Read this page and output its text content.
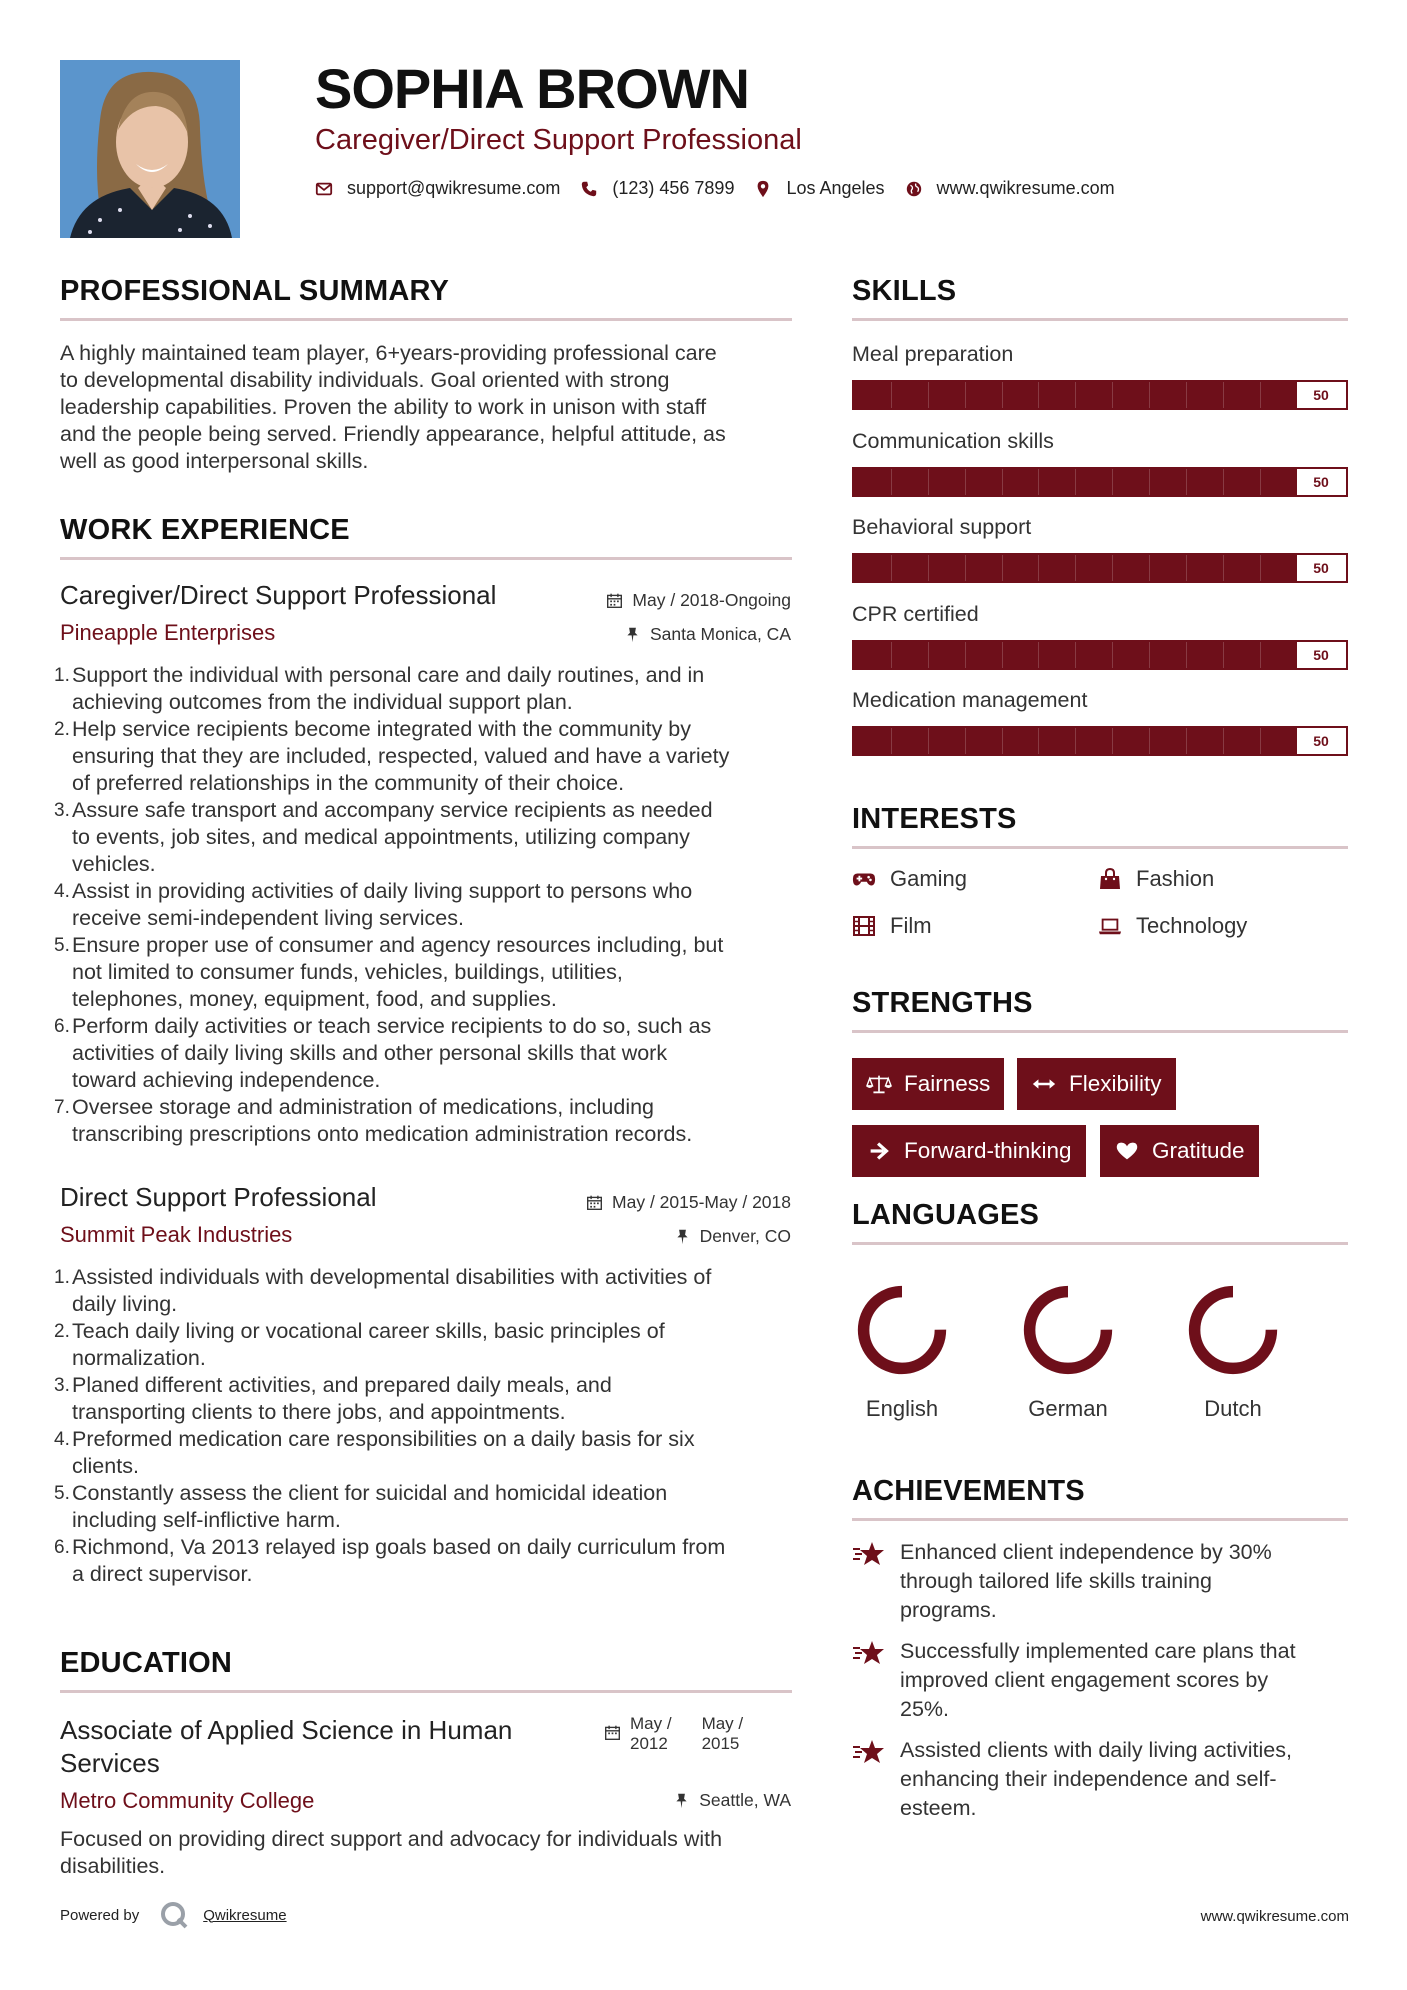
SOPHIA BROWN
Caregiver/Direct Support Professional
support@qwikresume.com	(123) 456 7899	Los Angeles	www.qwikresume.com
PROFESSIONAL SUMMARY
A highly maintained team player, 6+years-providing professional care
to developmental disability individuals. Goal oriented with strong
leadership capabilities. Proven the ability to work in unison with staff
and the people being served. Friendly appearance, helpful attitude, as
well as good interpersonal skills.
WORK EXPERIENCE
Caregiver/Direct Support Professional
Pineapple Enterprises
May / 2018-Ongoing
Santa Monica, CA
1. Support the individual with personal care and daily routines, and in
achieving outcomes from the individual support plan.
2. Help service recipients become integrated with the community by
ensuring that they are included, respected, valued and have a variety
of preferred relationships in the community of their choice.
3. Assure safe transport and accompany service recipients as needed
to events, job sites, and medical appointments, utilizing company
vehicles.
4. Assist in providing activities of daily living support to persons who
receive semi-independent living services.
5. Ensure proper use of consumer and agency resources including, but
not limited to consumer funds, vehicles, buildings, utilities,
telephones, money, equipment, food, and supplies.
6. Perform daily activities or teach service recipients to do so, such as
activities of daily living skills and other personal skills that work
toward achieving independence.
7. Oversee storage and administration of medications, including
transcribing prescriptions onto medication administration records.
Direct Support Professional
Summit Peak Industries
May / 2015-May / 2018
Denver, CO
1. Assisted individuals with developmental disabilities with activities of
daily living.
2. Teach daily living or vocational career skills, basic principles of
normalization.
3. Planed different activities, and prepared daily meals, and
transporting clients to there jobs, and appointments.
4. Preformed medication care responsibilities on a daily basis for six
clients.
5. Constantly assess the client for suicidal and homicidal ideation
including self-inflictive harm.
6. Richmond, Va 2013 relayed isp goals based on daily curriculum from
a direct supervisor.
EDUCATION
Associate of Applied Science in Human
Services
May /
2012
May /
2015
Metro Community College	Seattle, WA
Focused on providing direct support and advocacy for individuals with
disabilities.
SKILLS
Meal preparation
50
Communication skills
50
Behavioral support
50
CPR certified
50
Medication management
50
INTERESTS
Gaming	Fashion
Film	Technology
STRENGTHS
Fairness	Flexibility
Forward-thinking	Gratitude
LANGUAGES
English	German	Dutch
ACHIEVEMENTS
Enhanced client independence by 30%
through tailored life skills training
programs.
Successfully implemented care plans that
improved client engagement scores by
25%.
Assisted clients with daily living activities,
enhancing their independence and self-
esteem.
Powered by	Qwikresume	www.qwikresume.com
